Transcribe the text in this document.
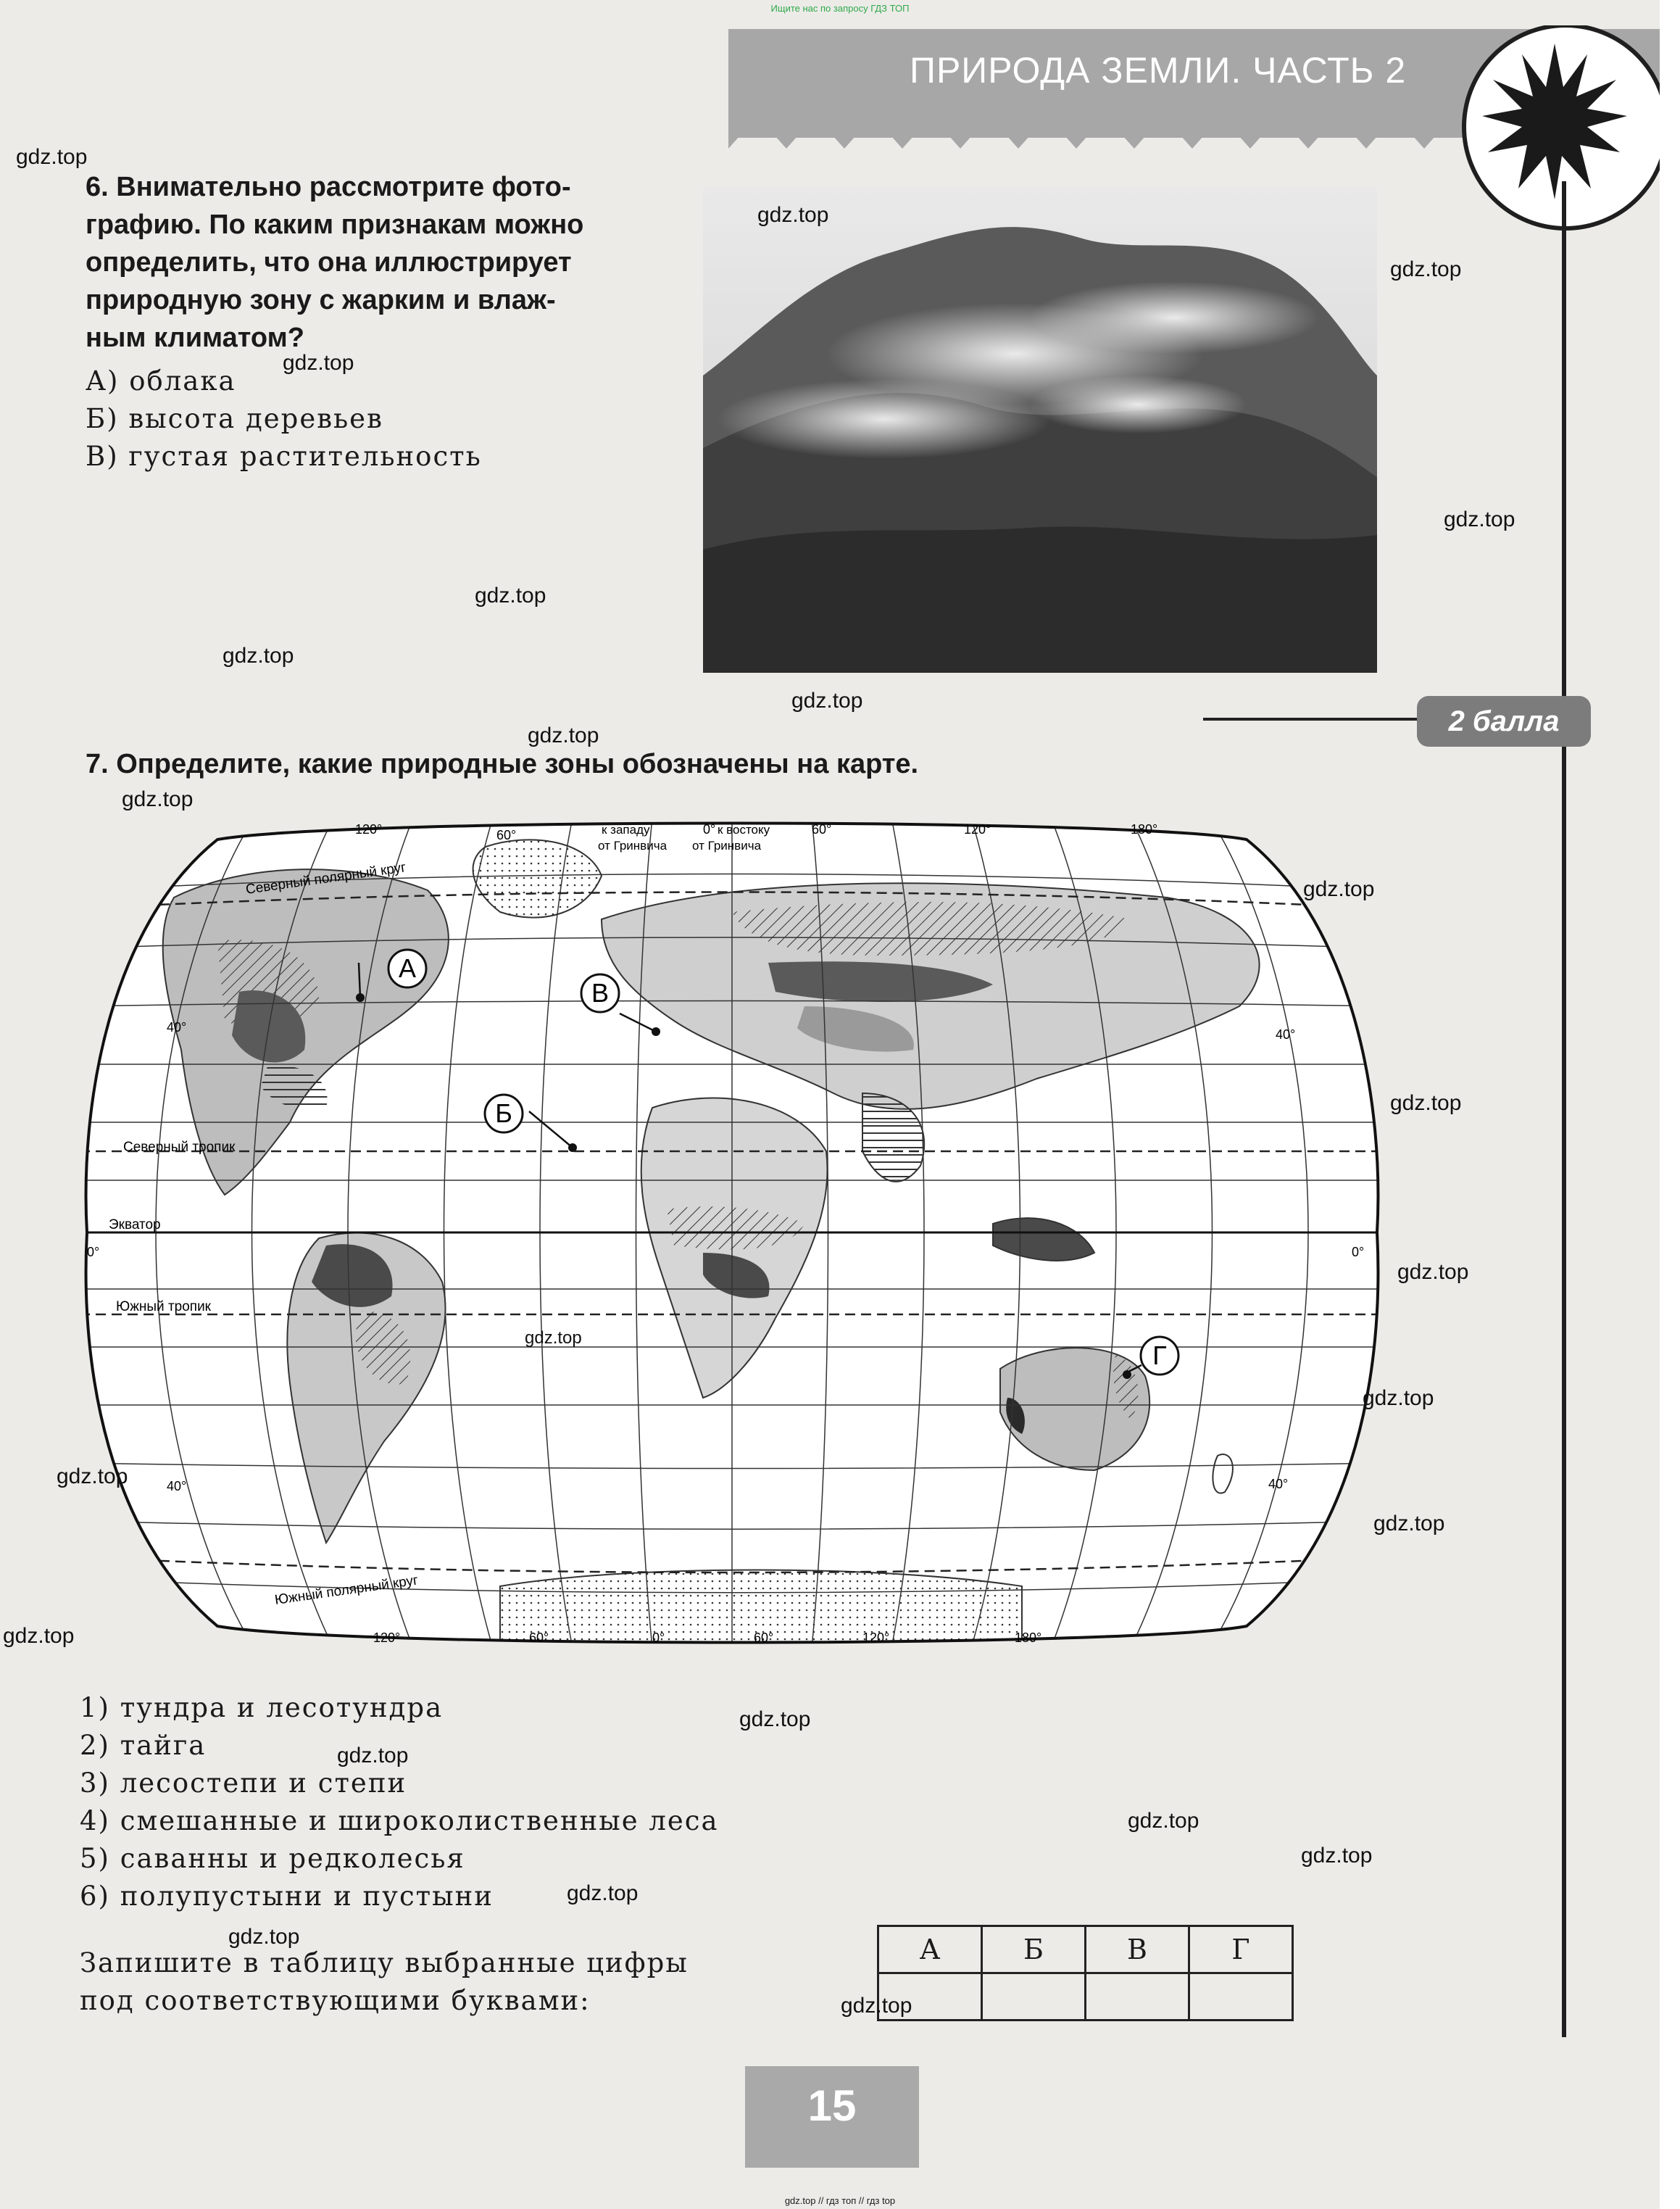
Ищите нас по запросу ГДЗ ТОП
ПРИРОДА ЗЕМЛИ. ЧАСТЬ 2
6. Внимательно рассмотрите фото-
графию. По каким признакам можно
определить, что она иллюстрирует
природную зону с жарким и влаж-
ным климатом?
А) облака
Б) высота деревьев
В) густая растительность
2 балла
7. Определите, какие природные зоны обозначены на карте.
Северный полярный круг
Северный тропик
Экватор
Южный тропик
Южный полярный круг
к западу
от Гринвича
к востоку
от Гринвича
120°	60°	0°	60°	120°	180°
120°	60°	0°	60°	120°	180°
40°
0°
40°
40°
0°
40°
А
Б
В
Г
1) тундра и лесотундра
2) тайга
3) лесостепи и степи
4) смешанные и широколиственные леса
5) саванны и редколесья
6) полупустыни и пустыни
Запишите в таблицу выбранные цифры
под соответствующими буквами:
А	Б	В	Г

15
gdz.top
gdz.top
gdz.top
gdz.top
gdz.top
gdz.top
gdz.top
gdz.top
gdz.top
gdz.top
gdz.top
gdz.top
gdz.top
gdz.top
gdz.top
gdz.top
gdz.top
gdz.top
gdz.top
gdz.top
gdz.top
gdz.top
gdz.top
gdz.top
gdz.top
gdz.top // гдз топ // гдз top
